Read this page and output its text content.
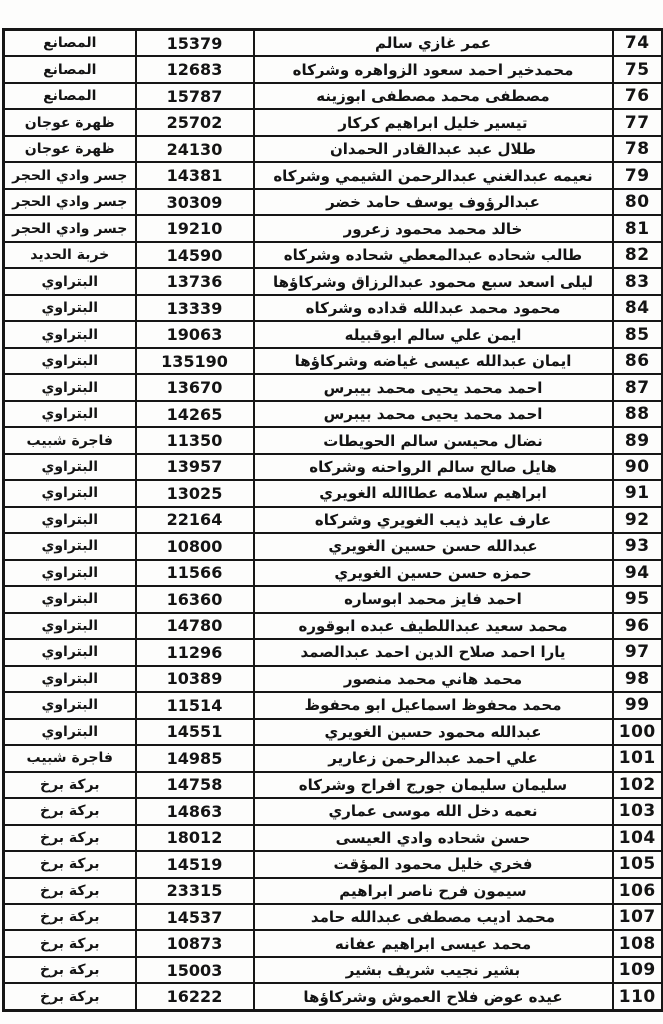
74	عمر غازي سالم	15379	المصانع
75	محمدخير احمد سعود الزواهره وشركاه	12683	المصانع
76	مصطفى محمد مصطفى ابوزينه	15787	المصانع
77	تيسير خليل ابراهيم كركار	25702	ظهرة عوجان
78	طلال عبد عبدالقادر الحمدان	24130	ظهرة عوجان
79	نعيمه عبدالغني عبدالرحمن الشيمي وشركاه	14381	جسر وادي الحجر
80	عبدالرؤوف يوسف حامد خضر	30309	جسر وادي الحجر
81	خالد محمد محمود زعرور	19210	جسر وادي الحجر
82	طالب شحاده عبدالمعطي شحاده وشركاه	14590	خربة الحديد
83	ليلى اسعد سبع محمود عبدالرزاق وشركاؤها	13736	البتراوي
84	محمود محمد عبدالله قداده وشركاه	13339	البتراوي
85	ايمن علي سالم ابوقبيله	19063	البتراوي
86	ايمان عبدالله عيسى غياضه وشركاؤها	135190	البتراوي
87	احمد محمد يحيى محمد بيبرس	13670	البتراوي
88	احمد محمد يحيى محمد بيبرس	14265	البتراوي
89	نضال محيسن سالم الحويطات	11350	فاجرة شبيب
90	هايل صالح سالم الرواحنه وشركاه	13957	البتراوي
91	ابراهيم سلامه عطاالله الغويري	13025	البتراوي
92	عارف عايد ذيب الغويري وشركاه	22164	البتراوي
93	عبدالله حسن حسين الغويري	10800	البتراوي
94	حمزه حسن حسين الغويري	11566	البتراوي
95	احمد فايز محمد ابوساره	16360	البتراوي
96	محمد سعيد عبداللطيف عبده ابوقوره	14780	البتراوي
97	يارا احمد صلاح الدين احمد عبدالصمد	11296	البتراوي
98	محمد هاني محمد منصور	10389	البتراوي
99	محمد محفوظ اسماعيل ابو محفوظ	11514	البتراوي
100	عبدالله محمود حسين الغويري	14551	البتراوي
101	علي احمد عبدالرحمن زعارير	14985	فاجرة شبيب
102	سليمان سليمان جورج افراح وشركاه	14758	بركة برخ
103	نعمه دخل الله موسى عماري	14863	بركة برخ
104	حسن شحاده وادي العيسى	18012	بركة برخ
105	فخري خليل محمود المؤقت	14519	بركة برخ
106	سيمون فرح ناصر ابراهيم	23315	بركة برخ
107	محمد اديب مصطفى عبدالله حامد	14537	بركة برخ
108	محمد عيسى ابراهيم عفانه	10873	بركة برخ
109	بشير نجيب شريف بشير	15003	بركة برخ
110	عيده عوض فلاح العموش وشركاؤها	16222	بركة برخ
